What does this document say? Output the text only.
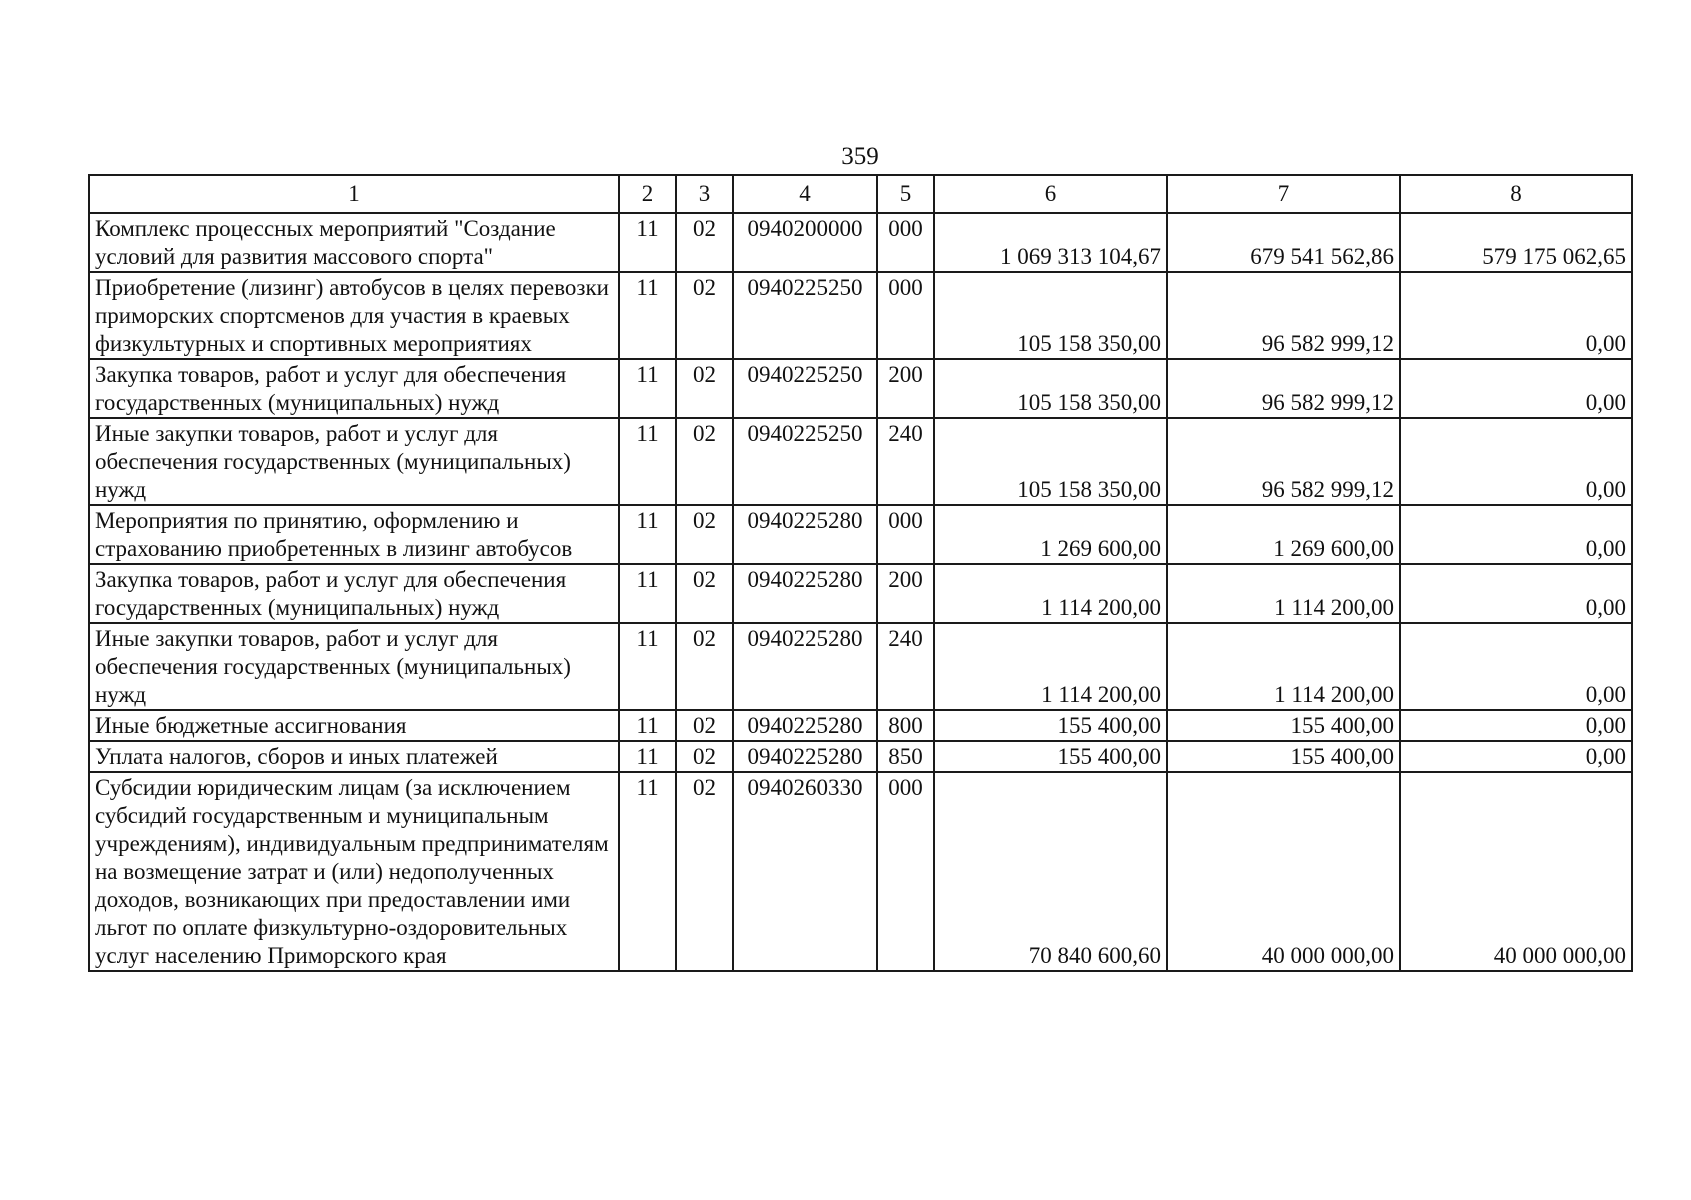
359
1	2	3	4	5	6	7	8
Комплекс процессных мероприятий "Создание условий для развития массового спорта"	11	02	0940200000	000	1 069 313 104,67	679 541 562,86	579 175 062,65
Приобретение (лизинг) автобусов в целях перевозки приморских спортсменов для участия в краевых физкультурных и спортивных мероприятиях	11	02	0940225250	000	105 158 350,00	96 582 999,12	0,00
Закупка товаров, работ и услуг для обеспечения государственных (муниципальных) нужд	11	02	0940225250	200	105 158 350,00	96 582 999,12	0,00
Иные закупки товаров, работ и услуг для обеспечения государственных (муниципальных) нужд	11	02	0940225250	240	105 158 350,00	96 582 999,12	0,00
Мероприятия по принятию, оформлению и страхованию приобретенных в лизинг автобусов	11	02	0940225280	000	1 269 600,00	1 269 600,00	0,00
Закупка товаров, работ и услуг для обеспечения государственных (муниципальных) нужд	11	02	0940225280	200	1 114 200,00	1 114 200,00	0,00
Иные закупки товаров, работ и услуг для обеспечения государственных (муниципальных) нужд	11	02	0940225280	240	1 114 200,00	1 114 200,00	0,00
Иные бюджетные ассигнования	11	02	0940225280	800	155 400,00	155 400,00	0,00
Уплата налогов, сборов и иных платежей	11	02	0940225280	850	155 400,00	155 400,00	0,00
Субсидии юридическим лицам (за исключением субсидий государственным и муниципальным учреждениям), индивидуальным предпринимателям на возмещение затрат и (или) недополученных доходов, возникающих при предоставлении ими льгот по оплате физкультурно-оздоровительных услуг населению Приморского края	11	02	0940260330	000	70 840 600,60	40 000 000,00	40 000 000,00
